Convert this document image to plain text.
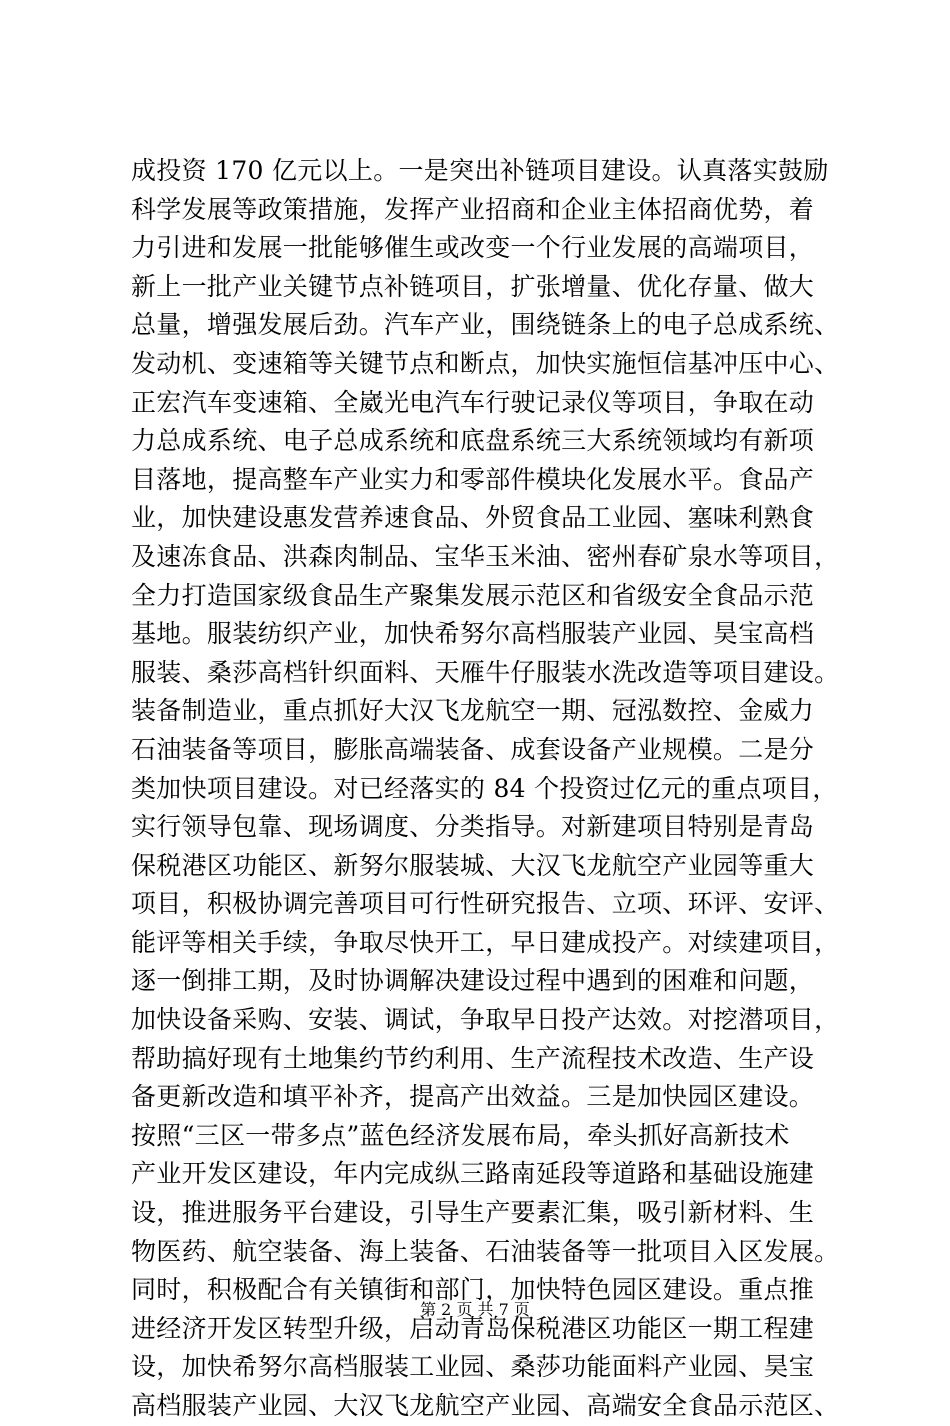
成投资 170 亿元以上。一是突出补链项目建设。认真落实鼓励
科学发展等政策措施，发挥产业招商和企业主体招商优势，着
力引进和发展一批能够催生或改变一个行业发展的高端项目，
新上一批产业关键节点补链项目，扩张增量、优化存量、做大
总量，增强发展后劲。汽车产业，围绕链条上的电子总成系统、
发动机、变速箱等关键节点和断点，加快实施恒信基冲压中心、
正宏汽车变速箱、全崴光电汽车行驶记录仪等项目，争取在动
力总成系统、电子总成系统和底盘系统三大系统领域均有新项
目落地，提高整车产业实力和零部件模块化发展水平。食品产
业，加快建设惠发营养速食品、外贸食品工业园、塞味利熟食
及速冻食品、洪森肉制品、宝华玉米油、密州春矿泉水等项目，
全力打造国家级食品生产聚集发展示范区和省级安全食品示范
基地。服装纺织产业，加快希努尔高档服装产业园、昊宝高档
服装、桑莎高档针织面料、天雁牛仔服装水洗改造等项目建设。
装备制造业，重点抓好大汉飞龙航空一期、冠泓数控、金威力
石油装备等项目，膨胀高端装备、成套设备产业规模。二是分
类加快项目建设。对已经落实的 84 个投资过亿元的重点项目，
实行领导包靠、现场调度、分类指导。对新建项目特别是青岛
保税港区功能区、新努尔服装城、大汉飞龙航空产业园等重大
项目，积极协调完善项目可行性研究报告、立项、环评、安评、
能评等相关手续，争取尽快开工，早日建成投产。对续建项目，
逐一倒排工期，及时协调解决建设过程中遇到的困难和问题，
加快设备采购、安装、调试，争取早日投产达效。对挖潜项目，
帮助搞好现有土地集约节约利用、生产流程技术改造、生产设
备更新改造和填平补齐，提高产出效益。三是加快园区建设。
按照“三区一带多点”蓝色经济发展布局，牵头抓好高新技术
产业开发区建设，年内完成纵三路南延段等道路和基础设施建
设，推进服务平台建设，引导生产要素汇集，吸引新材料、生
物医药、航空装备、海上装备、石油装备等一批项目入区发展。
同时，积极配合有关镇街和部门，加快特色园区建设。重点推
进经济开发区转型升级，启动青岛保税港区功能区一期工程建
设，加快希努尔高档服装工业园、桑莎功能面料产业园、昊宝
高档服装产业园、大汉飞龙航空产业园、高端安全食品示范区、
第 2 页 共 7 页
